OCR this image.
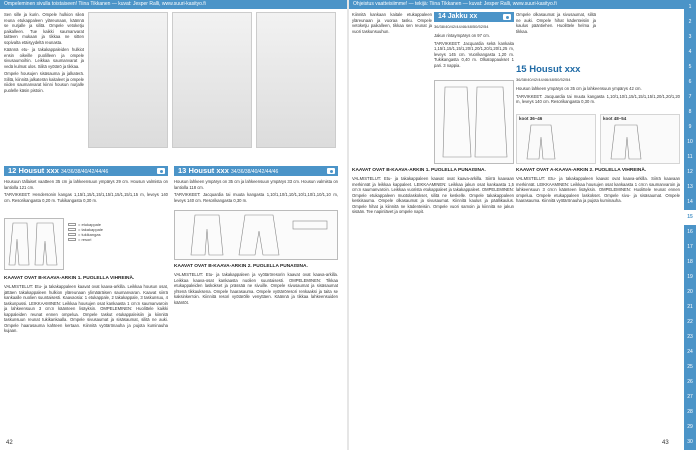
Ompeleminen sivulla toistaiseen! Tiina Tikkanen — kuvat: Jesper Ralli, www.suuri-kasityo.fi

Sen sille ja kurin. Ompele hulkion sileä reuna etukappaleen yläreunaan, käännä se nurjalle ja silitä. Ompele vetoketju paikalleen. Tue kaikki saumanvarat taitteen mukaan ja tikkaa ne sitten sopivalta etäisyydeltä reunasta.

Käännä etu- ja takakappaleiden hulkiot ensin oikeille puolilleen ja ompele sivusaumoihin. Leikkaa saumanvarat ja vedä kulmat ulos. Silitä vyötärö ja tikkaa.

Ompele housujen sisäsauma ja jalkaterä. Silitä, kiinnitä jalkaterän kaitaleet ja ompele niiden saumanvarat kiinni housun nurjalle puolelle käsin pistoin.

12 Housut xxx 34/36/38/40/42/44/46

Housuun tällaiset vaatteen 35 cm ja lahkeensuun ympärys 29 cm. Housun valmista on lantiolla 121 cm.

TARVIKKEET: Hendersonin kangas 1,15/1,15/1,15/1,15/1,15/1,15/1,15 m, leveys 140 cm. Resorikangasta 0,20 m. Tukikangasta 0,30 m.

= etukappale
= takakappale
= tukikangas
= resori
KAAVAT OVAT B-KAAVA-ARKIN 1. PUOLELLA VIHREINÄ.

VALMISTELUT: Etu- ja takakappaleen kaavat ovat kaava-arkilla. Leikkaa housun osat, jättäen takakappaleen hulkion yläreunaan ylimääräisen saumanvaran. Kaavat siirrä kankaalle nuolien suuntaisesti. Kaavaosia: 1 etukappale, 2 takakappale, 3 taskunsuu, 4 taskunpussi. LEIKKAAMINEN: Leikkaa housujen osat kankaasta 1 cm:n saumanvaroin ja lahkeensuun 3 cm:n käänteen lisäyksin. OMPELEMINEN: Huolittele kaikki kappaleiden reunat ennen ompelua. Ompele taskut etukappaleisiin ja kiinnitä taskunsuun reunat tukikankaalla. Ompele sivusaumat ja sisäsaumat, silitä ne auki. Ompele haarasauma kahteen kertaan. Kiinnitä vyötärönauha ja pujota kuminauha kujaan.

13 Housut xxx 34/36/38/40/42/44/46

Housun lahkeen ympärys on 35 cm ja lahkeensuun ympärys 33 cm. Housun valmista on lantiolla 118 cm.

TARVIKKEET: Jacquardia tai muuta kangasta 1,10/1,10/1,10/1,10/1,10/1,10/1,10 m, leveys 140 cm. Resorikangasta 0,30 m.

KAAVAT OVAT B-KAAVA-ARKIN 2. PUOLELLA PUNAISINA.

VALMISTELUT: Etu- ja takakappaleen ja vyötäröresorin kaavat ovat kaava-arkilla. Leikkaa kaava-osat kankaasta nuolien suuntaisesti. OMPELEMINEN: Tikkaa etukappaleiden laskokset ja prässää ne sivuille. Ompele sivusaumat ja sisäsaumat yhtenä tikkauksena. Ompele haarasauma. Ompele vyötäröresori renkaaksi ja taita se kaksinkerroin. Kiinnitä resori vyötärölle venyttäen. Käännä ja tikkaa lahkeensuiden kääntöt.

42
Ohjeistus vaatteisiimme! — tekijä: Tiina Tikkanen — kuvat: Jesper Ralli, www.suuri-kasityo.fi

Kiinnitä kankaan kaitale etukappaleen yläreunaan ja vuoraa tasku. Ompele vetoketju paikalleen, tikkaa sen reunat ja vuori taskunsuuhun.

Ompele olkasaumat ja sivusaumat, silitä ne auki. Ompele hihat kädenteisiin ja kaulus pääntiehen. Huolittele helma ja tikkaa.

14 Jakku xx
36/38/40/42/44/46/48/50/52/54

Jakun rintaympärys on 97 cm.

TARVIKKEET: Jacquardia sekä kankaita 1,15/1,15/1,15/1,20/1,20/1,20/1,20/1,25 m, leveys 145 cm. Vuorikangasta 1,20 m. Tukikangasta 0,40 m. Olkatoppaukset 1 pari. 3 nappia.

KAAVAT OVAT B-KAAVA-ARKIN 1. PUOLELLA PUNAISINA.

VALMISTELUT: Etu- ja takakappaleen kaavat ovat kaava-arkilla. Siirrä kaavaan merkinnät ja leikkaa kappaleet. LEIKKAAMINEN: Leikkaa jakun osat kankaasta 1,5 cm:n saumanvaroin. Leikkaa vuorista etukappaleet ja takakappaleet. OMPELEMINEN: Ompele etukappaleen muotolaskokset, silitä ne keskelle. Ompele takakappaleen keskisauma. Ompele olkasaumat ja sivusaumat. Kiinnitä kaulus ja päällikaulus. Ompele hihat ja kiinnitä ne kädenteisiin. Ompele vuori samoin ja kiinnitä se jakun sisään. Tee napinlävet ja ompele napit.

15 Housut xxx
36/38/40/42/44/46/48/50/52/54

Housun lahkeen ympärys on 35 cm ja lahkeensuun ympärys 42 cm.

TARVIKKEET: Jacquardia tai muuta kangasta 1,10/1,10/1,15/1,15/1,15/1,20/1,20/1,20 m, leveys 140 cm. Resorikangasta 0,30 m.

koot 36–46	koot 48–54
KAAVAT OVAT A-KAAVA-ARKIN 2. PUOLELLA VIHREINÄ.

VALMISTELUT: Etu- ja takakappaleen kaavat ovat kaava-arkilla. Siirrä kaavaan merkinnät. LEIKKAAMINEN: Leikkaa housujen osat kankaasta 1 cm:n saumanvaroin ja lahkeensuun 3 cm:n käänteen lisäyksin. OMPELEMINEN: Huolittele reunat ennen ompelua. Ompele etukappaleen laskokset. Ompele sivu- ja sisäsaumat. Ompele haarasauma. Kiinnitä vyötärönauha ja pujota kuminauha.

43
1
2
3
4
5
6
7
8
9
10
11
12
13
14
15
16
17
18
19
20
21
22
23
24
25
26
27
28
29
30
